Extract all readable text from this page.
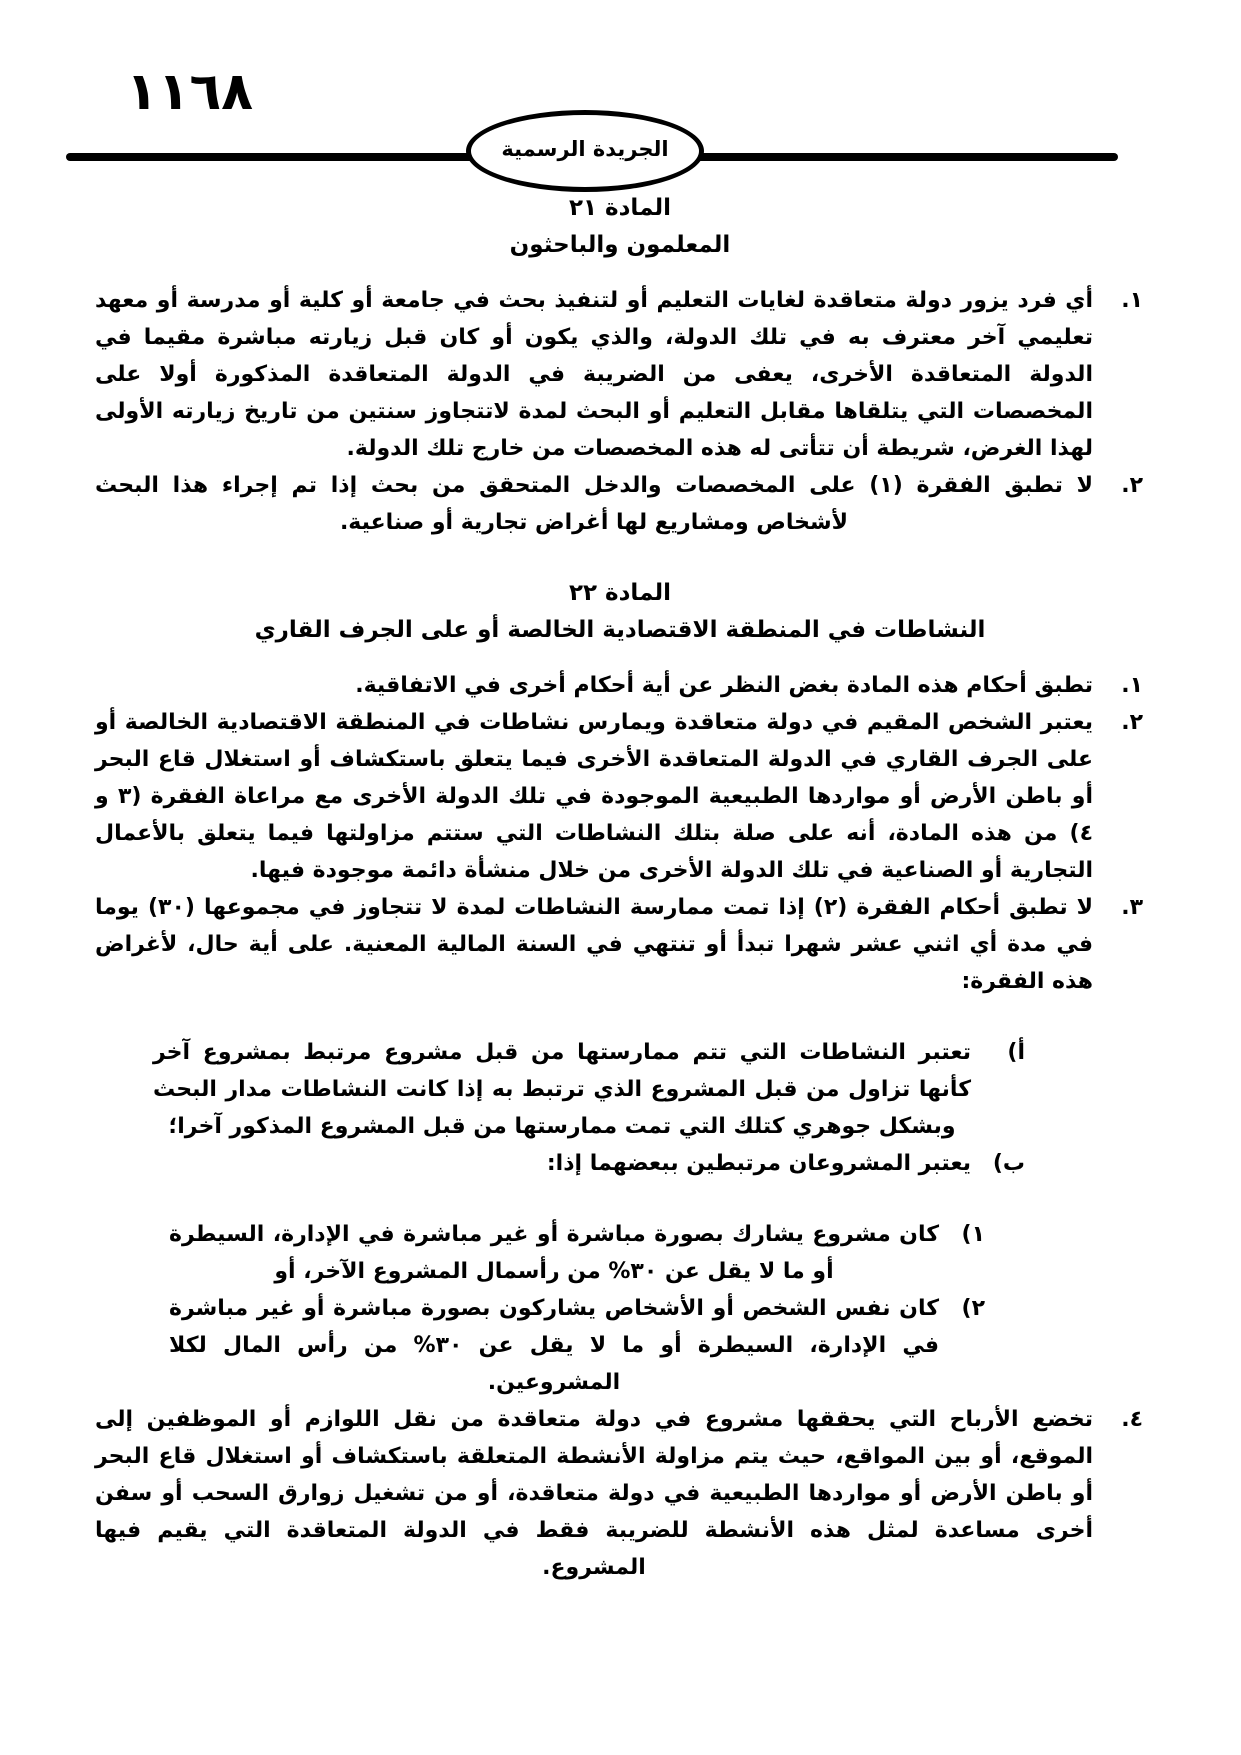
١١٦٨
الجريدة الرسمية
المادة ٢١
المعلمون والباحثون
١.
أي فرد يزور دولة متعاقدة لغايات التعليم أو لتنفيذ بحث في جامعة أو كلية أو مدرسة أو معهد تعليمي آخر معترف به في تلك الدولة، والذي يكون أو كان قبل زيارته مباشرة مقيما في الدولة المتعاقدة الأخرى، يعفى من الضريبة في الدولة المتعاقدة المذكورة أولا على المخصصات التي يتلقاها مقابل التعليم أو البحث لمدة لاتتجاوز سنتين من تاريخ زيارته الأولى لهذا الغرض، شريطة أن تتأتى له هذه المخصصات من خارج تلك الدولة.
٢.
لا تطبق الفقرة (١) على المخصصات والدخل المتحقق من بحث إذا تم إجراء هذا البحث لأشخاص ومشاريع لها أغراض تجارية أو صناعية.
المادة ٢٢
النشاطات في المنطقة الاقتصادية الخالصة أو على الجرف القاري
١.
تطبق أحكام هذه المادة بغض النظر عن أية أحكام أخرى في الاتفاقية.
٢.
يعتبر الشخص المقيم في دولة متعاقدة ويمارس نشاطات في المنطقة الاقتصادية الخالصة أو على الجرف القاري في الدولة المتعاقدة الأخرى فيما يتعلق باستكشاف أو استغلال قاع البحر أو باطن الأرض أو مواردها الطبيعية الموجودة في تلك الدولة الأخرى مع مراعاة الفقرة (٣ و ٤) من هذه المادة، أنه على صلة بتلك النشاطات التي ستتم مزاولتها فيما يتعلق بالأعمال التجارية أو الصناعية في تلك الدولة الأخرى من خلال منشأة دائمة موجودة فيها.
٣.
لا تطبق أحكام الفقرة (٢) إذا تمت ممارسة النشاطات لمدة لا تتجاوز في مجموعها (٣٠) يوما في مدة أي اثني عشر شهرا تبدأ أو تنتهي في السنة المالية المعنية. على أية حال، لأغراض هذه الفقرة:
أ)
تعتبر النشاطات التي تتم ممارستها من قبل مشروع مرتبط بمشروع آخر كأنها تزاول من قبل المشروع الذي ترتبط به إذا كانت النشاطات مدار البحث وبشكل جوهري كتلك التي تمت ممارستها من قبل المشروع المذكور آخرا؛
ب)
يعتبر المشروعان مرتبطين ببعضهما إذا:
١)
كان مشروع يشارك بصورة مباشرة أو غير مباشرة في الإدارة، السيطرة أو ما لا يقل عن ٣٠% من رأسمال المشروع الآخر، أو
٢)
كان نفس الشخص أو الأشخاص يشاركون بصورة مباشرة أو غير مباشرة في الإدارة، السيطرة أو ما لا يقل عن ٣٠% من رأس المال لكلا المشروعين.
٤.
تخضع الأرباح التي يحققها مشروع في دولة متعاقدة من نقل اللوازم أو الموظفين إلى الموقع، أو بين المواقع، حيث يتم مزاولة الأنشطة المتعلقة باستكشاف أو استغلال قاع البحر أو باطن الأرض أو مواردها الطبيعية في دولة متعاقدة، أو من تشغيل زوارق السحب أو سفن أخرى مساعدة لمثل هذه الأنشطة للضريبة فقط في الدولة المتعاقدة التي يقيم فيها المشروع.
